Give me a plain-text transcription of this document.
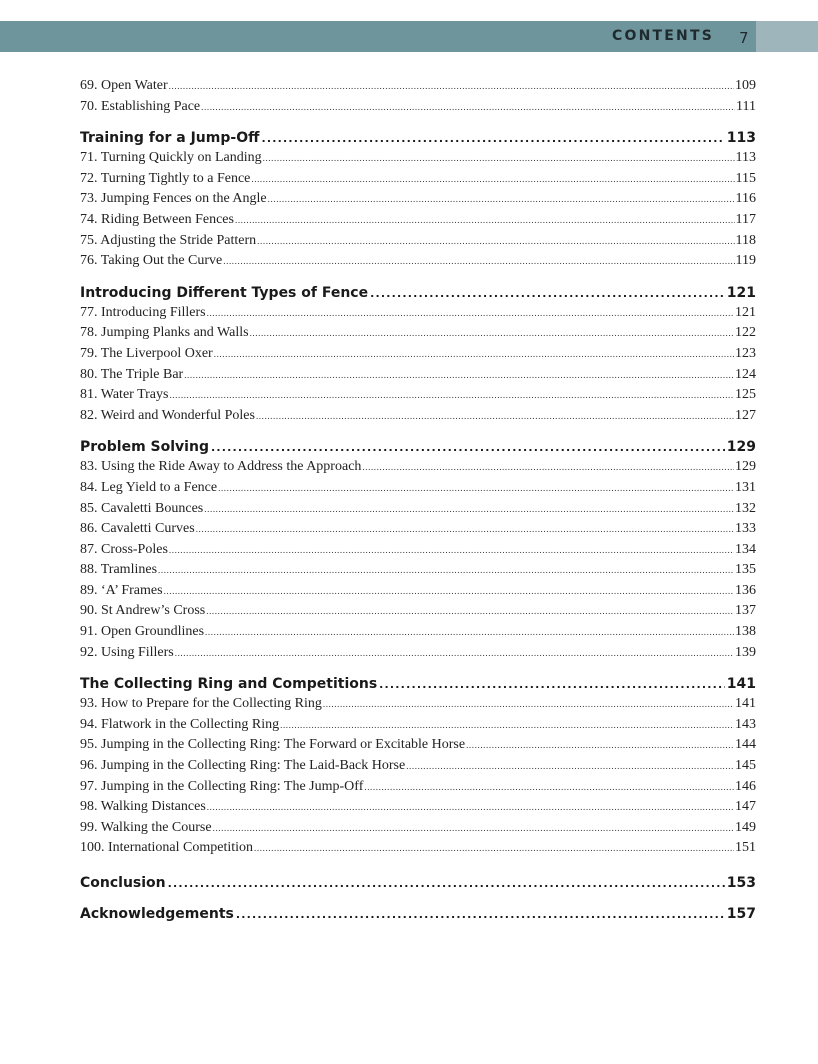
CONTENTS 7
69. Open Water .....	109
70. Establishing Pace .....	111
Training for a Jump-Off .....	113
71. Turning Quickly on Landing .....	113
72. Turning Tightly to a Fence .....	115
73. Jumping Fences on the Angle .....	116
74. Riding Between Fences .....	117
75. Adjusting the Stride Pattern .....	118
76. Taking Out the Curve .....	119
Introducing Different Types of Fence .....	121
77. Introducing Fillers .....	121
78. Jumping Planks and Walls .....	122
79. The Liverpool Oxer .....	123
80. The Triple Bar .....	124
81. Water Trays .....	125
82. Weird and Wonderful Poles .....	127
Problem Solving .....	129
83. Using the Ride Away to Address the Approach .....	129
84. Leg Yield to a Fence .....	131
85. Cavaletti Bounces .....	132
86. Cavaletti Curves .....	133
87. Cross-Poles .....	134
88. Tramlines .....	135
89. ‘A’ Frames .....	136
90. St Andrew’s Cross .....	137
91. Open Groundlines .....	138
92. Using Fillers .....	139
The Collecting Ring and Competitions .....	141
93. How to Prepare for the Collecting Ring .....	141
94. Flatwork in the Collecting Ring .....	143
95. Jumping in the Collecting Ring: The Forward or Excitable Horse .....	144
96. Jumping in the Collecting Ring: The Laid-Back Horse .....	145
97. Jumping in the Collecting Ring: The Jump-Off .....	146
98. Walking Distances .....	147
99. Walking the Course .....	149
100. International Competition .....	151
Conclusion .....	153
Acknowledgements .....	157
